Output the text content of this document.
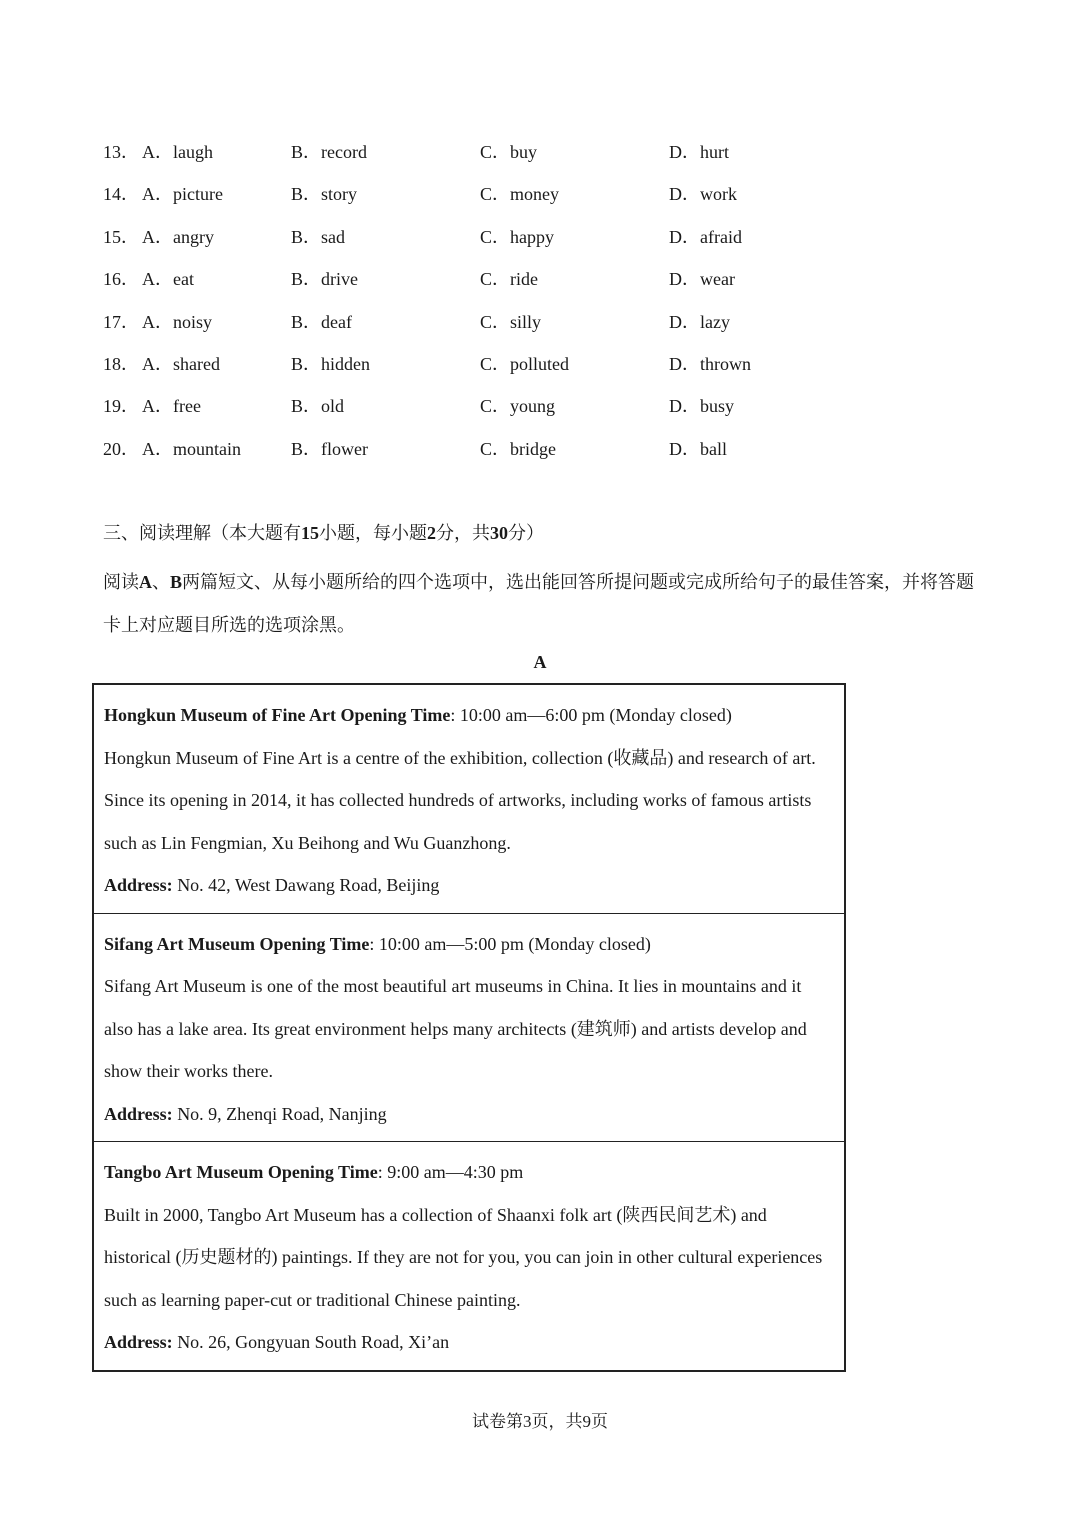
13． A．laugh	B．record	C．buy	D．hurt
14． A．picture	B．story	C．money	D．work
15． A．angry	B．sad	C．happy	D．afraid
16． A．eat	B．drive	C．ride	D．wear
17． A．noisy	B．deaf	C．silly	D．lazy
18． A．shared	B．hidden	C．polluted	D．thrown
19． A．free	B．old	C．young	D．busy
20． A．mountain	B．flower	C．bridge	D．ball
三、阅读理解（本大题有15小题，每小题2分，共30分）
阅读A、B两篇短文、从每小题所给的四个选项中，选出能回答所提问题或完成所给句子的最佳答案，并将答题卡上对应题目所选的选项涂黑。
A

Hongkun Museum of Fine Art Opening Time: 10:00 am—6:00 pm (Monday closed)

Hongkun Museum of Fine Art is a centre of the exhibition, collection (收藏品) and research of art. Since its opening in 2014, it has collected hundreds of artworks, including works of famous artists such as Lin Fengmian, Xu Beihong and Wu Guanzhong.

Address: No. 42, West Dawang Road, Beijing

Sifang Art Museum Opening Time: 10:00 am—5:00 pm (Monday closed)

Sifang Art Museum is one of the most beautiful art museums in China. It lies in mountains and it also has a lake area. Its great environment helps many architects (建筑师) and artists develop and show their works there.

Address: No. 9, Zhenqi Road, Nanjing

Tangbo Art Museum Opening Time: 9:00 am—4:30 pm

Built in 2000, Tangbo Art Museum has a collection of Shaanxi folk art (陕西民间艺术) and historical (历史题材的) paintings. If they are not for you, you can join in other cultural experiences such as learning paper-cut or traditional Chinese painting.

Address: No. 26, Gongyuan South Road, Xi’an

试卷第3页，共9页
